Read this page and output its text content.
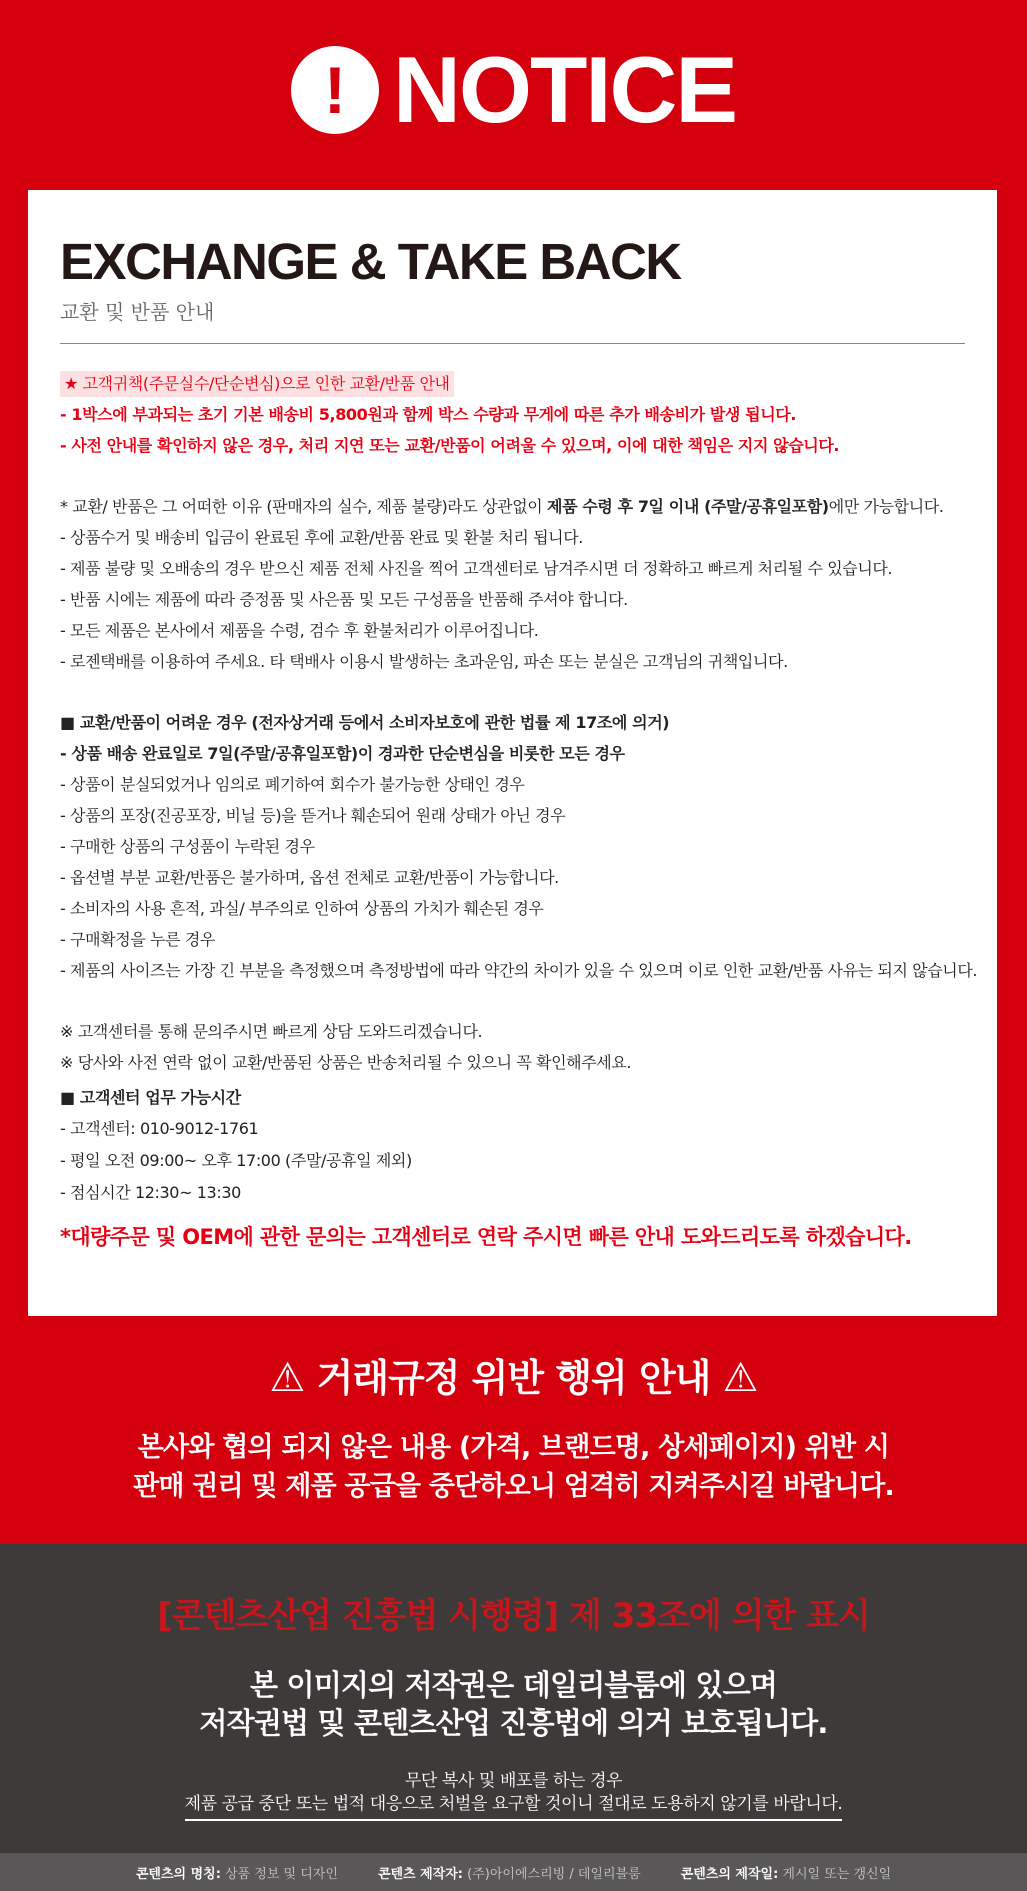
! NOTICE
EXCHANGE & TAKE BACK
교환 및 반품 안내
★ 고객귀책(주문실수/단순변심)으로 인한 교환/반품 안내
- 1박스에 부과되는 초기 기본 배송비 5,800원과 함께 박스 수량과 무게에 따른 추가 배송비가 발생 됩니다.
- 사전 안내를 확인하지 않은 경우, 처리 지연 또는 교환/반품이 어려울 수 있으며, 이에 대한 책임은 지지 않습니다.
* 교환/ 반품은 그 어떠한 이유 (판매자의 실수, 제품 불량)라도 상관없이 제품 수령 후 7일 이내 (주말/공휴일포함)에만 가능합니다.
- 상품수거 및 배송비 입금이 완료된 후에 교환/반품 완료 및 환불 처리 됩니다.
- 제품 불량 및 오배송의 경우 받으신 제품 전체 사진을 찍어 고객센터로 남겨주시면 더 정확하고 빠르게 처리될 수 있습니다.
- 반품 시에는 제품에 따라 증정품 및 사은품 및 모든 구성품을 반품해 주셔야 합니다.
- 모든 제품은 본사에서 제품을 수령, 검수 후 환불처리가 이루어집니다.
- 로젠택배를 이용하여 주세요. 타 택배사 이용시 발생하는 초과운임, 파손 또는 분실은 고객님의 귀책입니다.
■ 교환/반품이 어려운 경우 (전자상거래 등에서 소비자보호에 관한 법률 제 17조에 의거)
- 상품 배송 완료일로 7일(주말/공휴일포함)이 경과한 단순변심을 비롯한 모든 경우
- 상품이 분실되었거나 임의로 폐기하여 회수가 불가능한 상태인 경우
- 상품의 포장(진공포장, 비닐 등)을 뜯거나 훼손되어 원래 상태가 아닌 경우
- 구매한 상품의 구성품이 누락된 경우
- 옵션별 부분 교환/반품은 불가하며, 옵션 전체로 교환/반품이 가능합니다.
- 소비자의 사용 흔적, 과실/ 부주의로 인하여 상품의 가치가 훼손된 경우
- 구매확정을 누른 경우
- 제품의 사이즈는 가장 긴 부분을 측정했으며 측정방법에 따라 약간의 차이가 있을 수 있으며 이로 인한 교환/반품 사유는 되지 않습니다.
※ 고객센터를 통해 문의주시면 빠르게 상담 도와드리겠습니다.
※ 당사와 사전 연락 없이 교환/반품된 상품은 반송처리될 수 있으니 꼭 확인해주세요.
■ 고객센터 업무 가능시간
- 고객센터: 010-9012-1761
- 평일 오전 09:00~ 오후 17:00 (주말/공휴일 제외)
- 점심시간 12:30~ 13:30
*대량주문 및 OEM에 관한 문의는 고객센터로 연락 주시면 빠른 안내 도와드리도록 하겠습니다.
⚠ 거래규정 위반 행위 안내 ⚠
본사와 협의 되지 않은 내용 (가격, 브랜드명, 상세페이지) 위반 시
판매 권리 및 제품 공급을 중단하오니 엄격히 지켜주시길 바랍니다.
[콘텐츠산업 진흥법 시행령] 제 33조에 의한 표시
본 이미지의 저작권은 데일리블룸에 있으며
저작권법 및 콘텐츠산업 진흥법에 의거 보호됩니다.
무단 복사 및 배포를 하는 경우
제품 공급 중단 또는 법적 대응으로 처벌을 요구할 것이니 절대로 도용하지 않기를 바랍니다.
콘텐츠의 명칭: 상품 정보 및 디자인	콘텐츠 제작자: (주)아이에스리빙 / 데일리블룸	콘텐츠의 제작일: 게시일 또는 갱신일
